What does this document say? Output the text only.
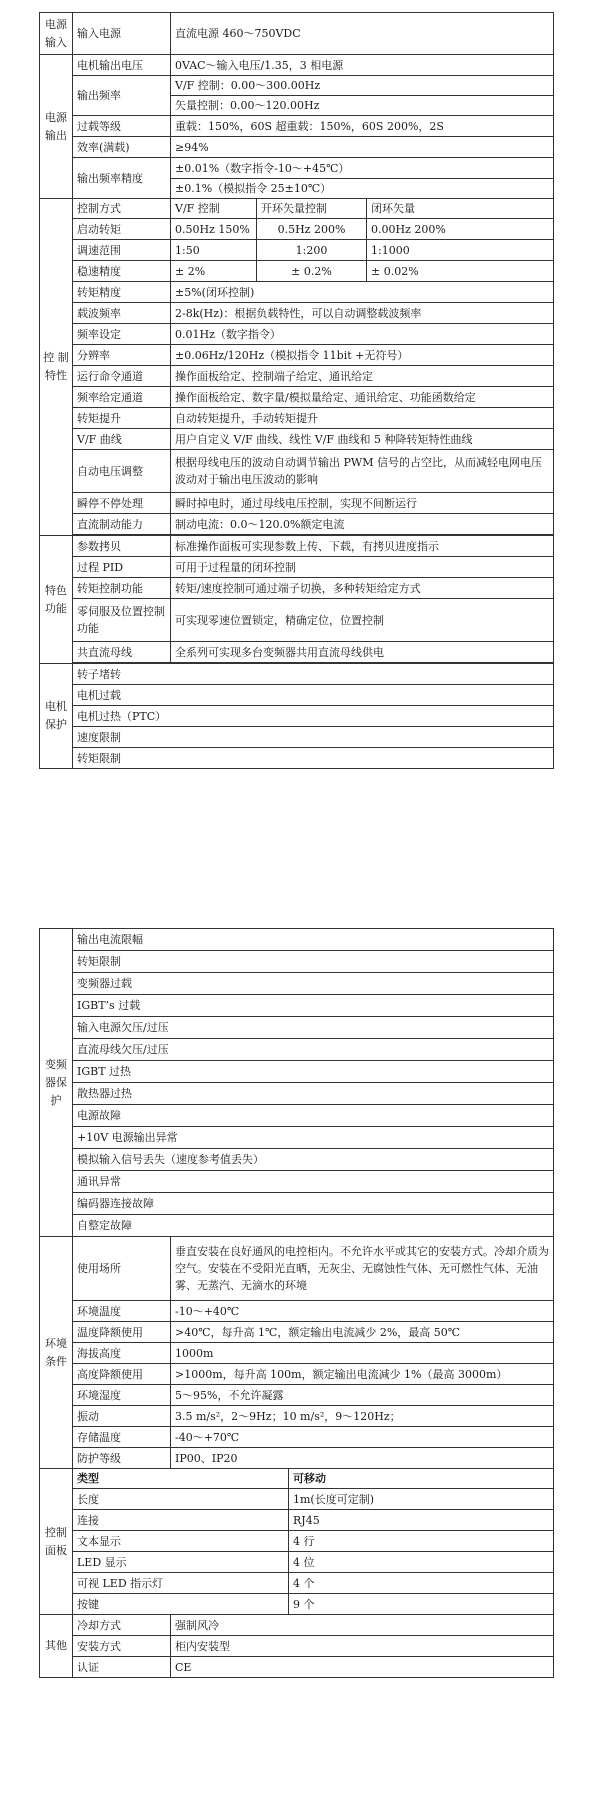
电源输入	输入电源	直流电源 460～750VDC		
电源输出	电机输出电压	0VAC～输入电压/1.35，3 相电源		
	输出频率	V/F 控制：0.00～300.00Hz		
		矢量控制：0.00～120.00Hz		
	过载等级	重载：150%，60S 超重载：150%，60S 200%，2S		
	效率(满载)	≥94%		
	输出频率精度	±0.01%（数字指令-10～+45℃）		
		±0.1%（模拟指令 25±10℃）		
控 制特性	控制方式	V/F 控制	开环矢量控制	闭环矢量
	启动转矩	0.50Hz 150%	0.5Hz 200%	0.00Hz 200%
	调速范围	1:50	1:200	1:1000
	稳速精度	± 2%	± 0.2%	± 0.02%
	转矩精度	±5%(闭环控制)		
	载波频率	2-8k(Hz)：根据负载特性，可以自动调整载波频率		
	频率设定	0.01Hz（数字指令）		
	分辨率	±0.06Hz/120Hz（模拟指令 11bit +无符号）		
	运行命令通道	操作面板给定、控制端子给定、通讯给定		
	频率给定通道	操作面板给定、数字量/模拟量给定、通讯给定、功能函数给定		
	转矩提升	自动转矩提升，手动转矩提升		
	V/F 曲线	用户自定义 V/F 曲线、线性 V/F 曲线和 5 种降转矩特性曲线		
	自动电压调整	根据母线电压的波动自动调节输出 PWM 信号的占空比，从而减轻电网电压波动对于输出电压波动的影响		
	瞬停不停处理	瞬时掉电时，通过母线电压控制，实现不间断运行		
	直流制动能力	制动电流：0.0～120.0%额定电流		

特色功能	参数拷贝	标准操作面板可实现参数上传、下载，有拷贝进度指示		
	过程 PID	可用于过程量的闭环控制		
	转矩控制功能	转矩/速度控制可通过端子切换，多种转矩给定方式		
	零伺服及位置控制功能	可实现零速位置锁定，精确定位，位置控制		
	共直流母线	全系列可实现多台变频器共用直流母线供电		

电机保护	转子堵转			
	电机过载			
	电机过热（PTC）			
	速度限制			
	转矩限制			
变频器保护	输出电流限幅		
	转矩限制		
	变频器过载		
	IGBT’s 过载		
	输入电源欠压/过压		
	直流母线欠压/过压		
	IGBT 过热		
	散热器过热		
	电源故障		
	+10V 电源输出异常		
	模拟输入信号丢失（速度参考值丢失）		
	通讯异常		
	编码器连接故障		
	自整定故障		
环境条件	使用场所	垂直安装在良好通风的电控柜内。不允许水平或其它的安装方式。冷却介质为空气。安装在不受阳光直晒，无灰尘、无腐蚀性气体、无可燃性气体、无油雾、无蒸汽、无滴水的环境	
	环境温度	-10～+40℃	
	温度降额使用	>40℃，每升高 1℃，额定输出电流减少 2%，最高 50℃	
	海拔高度	1000m	
	高度降额使用	>1000m，每升高 100m，额定输出电流减少 1%（最高 3000m）	
	环境湿度	5～95%，不允许凝露	
	振动	3.5 m/s²，2～9Hz；10 m/s²，9～120Hz；	
	存储温度	-40～+70℃	
	防护等级	IP00、IP20	
控制面板	类型		可移动
	长度		1m(长度可定制)
	连接		RJ45
	文本显示		4 行
	LED 显示		4 位
	可视 LED 指示灯		4 个
	按键		9 个
其他	冷却方式	强制风冷	
	安装方式	柜内安装型	
	认证	CE	
